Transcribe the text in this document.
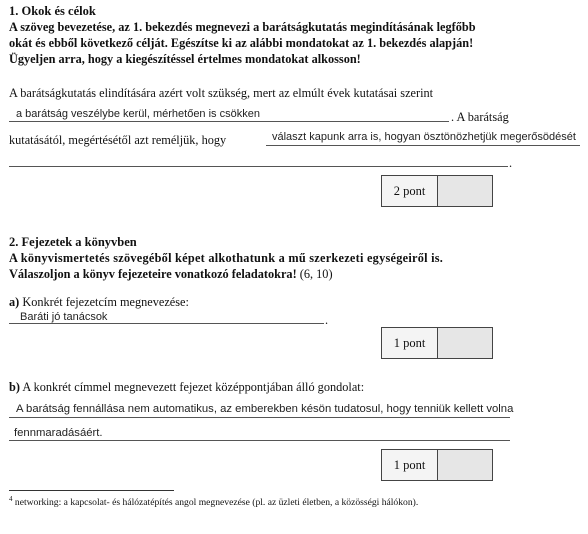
1. Okok és célok
A szöveg bevezetése, az 1. bekezdés megnevezi a barátságkutatás megindításának legfőbb
okát és ebből következő célját. Egészítse ki az alábbi mondatokat az 1. bekezdés alapján!
Ügyeljen arra, hogy a kiegészítéssel értelmes mondatokat alkosson!
A barátságkutatás elindítására azért volt szükség, mert az elmúlt évek kutatásai szerint
a barátság veszélybe kerül, mérhetően is csökken	. A barátság
kutatásától, megértésétől azt reméljük, hogy	választ kapunk arra is, hogyan ösztönözhetjük megerősödését
.
2 pont
2. Fejezetek a könyvben
A könyvismertetés szövegéből képet alkothatunk a mű szerkezeti egységeiről is.
Válaszoljon a könyv fejezeteire vonatkozó feladatokra! (6, 10)
a) Konkrét fejezetcím megnevezése:
Baráti jó tanácsok	.
1 pont
b) A konkrét címmel megnevezett fejezet középpontjában álló gondolat:
A barátság fennállása nem automatikus, az emberekben késön tudatosul, hogy tenniük kellett volna
fennmaradásáért.
1 pont
$^4$ networking: a kapcsolat- és hálózatépítés angol megnevezése (pl. az üzleti életben, a közösségi hálókon).
